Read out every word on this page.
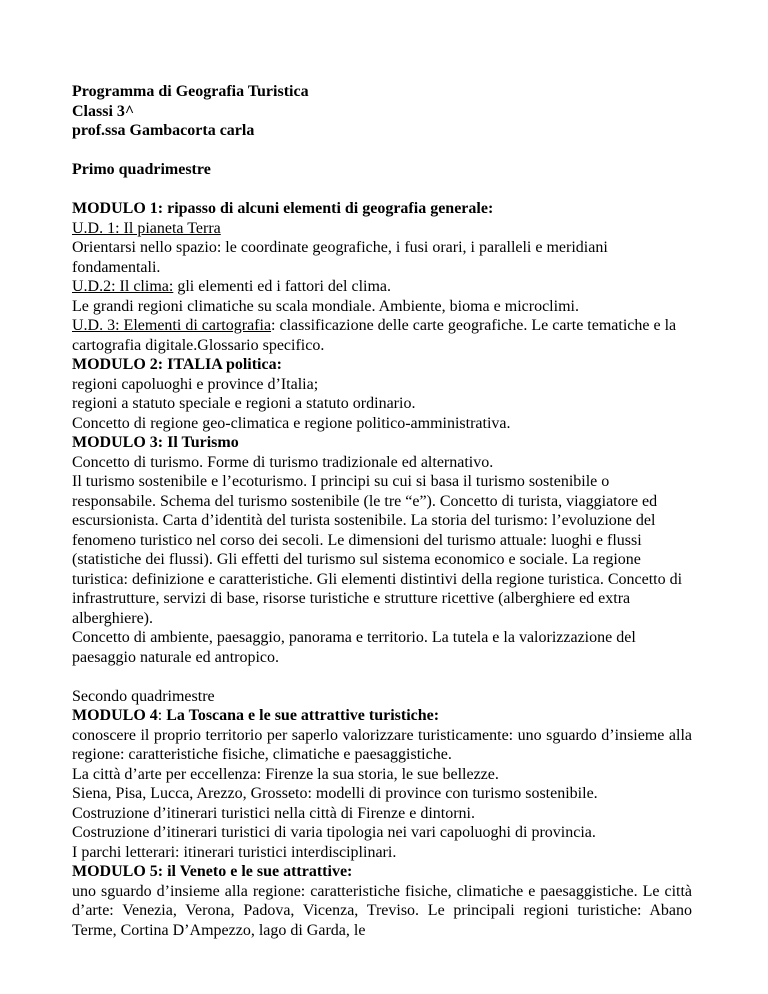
Programma di Geografia Turistica

Classi 3^

prof.ssa Gambacorta carla

Primo quadrimestre

MODULO 1: ripasso di alcuni elementi di geografia generale:

U.D. 1: Il pianeta Terra

Orientarsi nello spazio: le coordinate geografiche, i fusi orari, i paralleli e meridiani fondamentali.

U.D.2: Il clima: gli elementi ed i fattori del clima.

Le grandi regioni climatiche su scala mondiale. Ambiente, bioma e microclimi.

U.D. 3: Elementi di cartografia: classificazione delle carte geografiche. Le carte tematiche e la cartografia digitale.Glossario specifico.

MODULO 2: ITALIA politica:

regioni capoluoghi e province d’Italia;

regioni a statuto speciale e regioni a statuto ordinario.

Concetto di regione geo-climatica e regione politico-amministrativa.

MODULO 3: Il Turismo

Concetto di turismo. Forme di turismo tradizionale ed alternativo.

Il turismo sostenibile e l’ecoturismo. I principi su cui si basa il turismo sostenibile o responsabile. Schema del turismo sostenibile (le tre “e”). Concetto di turista, viaggiatore ed escursionista. Carta d’identità del turista sostenibile. La storia del turismo: l’evoluzione del fenomeno turistico nel corso dei secoli. Le dimensioni del turismo attuale: luoghi e flussi (statistiche dei flussi). Gli effetti del turismo sul sistema economico e sociale. La regione turistica: definizione e caratteristiche. Gli elementi distintivi della regione turistica. Concetto di infrastrutture, servizi di base, risorse turistiche e strutture ricettive (alberghiere ed extra alberghiere).

Concetto di ambiente, paesaggio, panorama e territorio. La tutela e la valorizzazione del paesaggio naturale ed antropico.

Secondo quadrimestre

MODULO 4: La Toscana e le sue attrattive turistiche:

conoscere il proprio territorio per saperlo valorizzare turisticamente: uno sguardo d’insieme alla regione: caratteristiche fisiche, climatiche e paesaggistiche.

La città d’arte per eccellenza: Firenze la sua storia, le sue bellezze.

Siena, Pisa, Lucca, Arezzo, Grosseto: modelli di province con turismo sostenibile.

Costruzione d’itinerari turistici nella città di Firenze e dintorni.

Costruzione d’itinerari turistici di varia tipologia nei vari capoluoghi di provincia.

I parchi letterari: itinerari turistici interdisciplinari.

MODULO 5: il Veneto e le sue attrattive:

uno sguardo d’insieme alla regione: caratteristiche fisiche, climatiche e paesaggistiche. Le città d’arte: Venezia, Verona, Padova, Vicenza, Treviso. Le principali regioni turistiche: Abano Terme, Cortina D’Ampezzo, lago di Garda, le
